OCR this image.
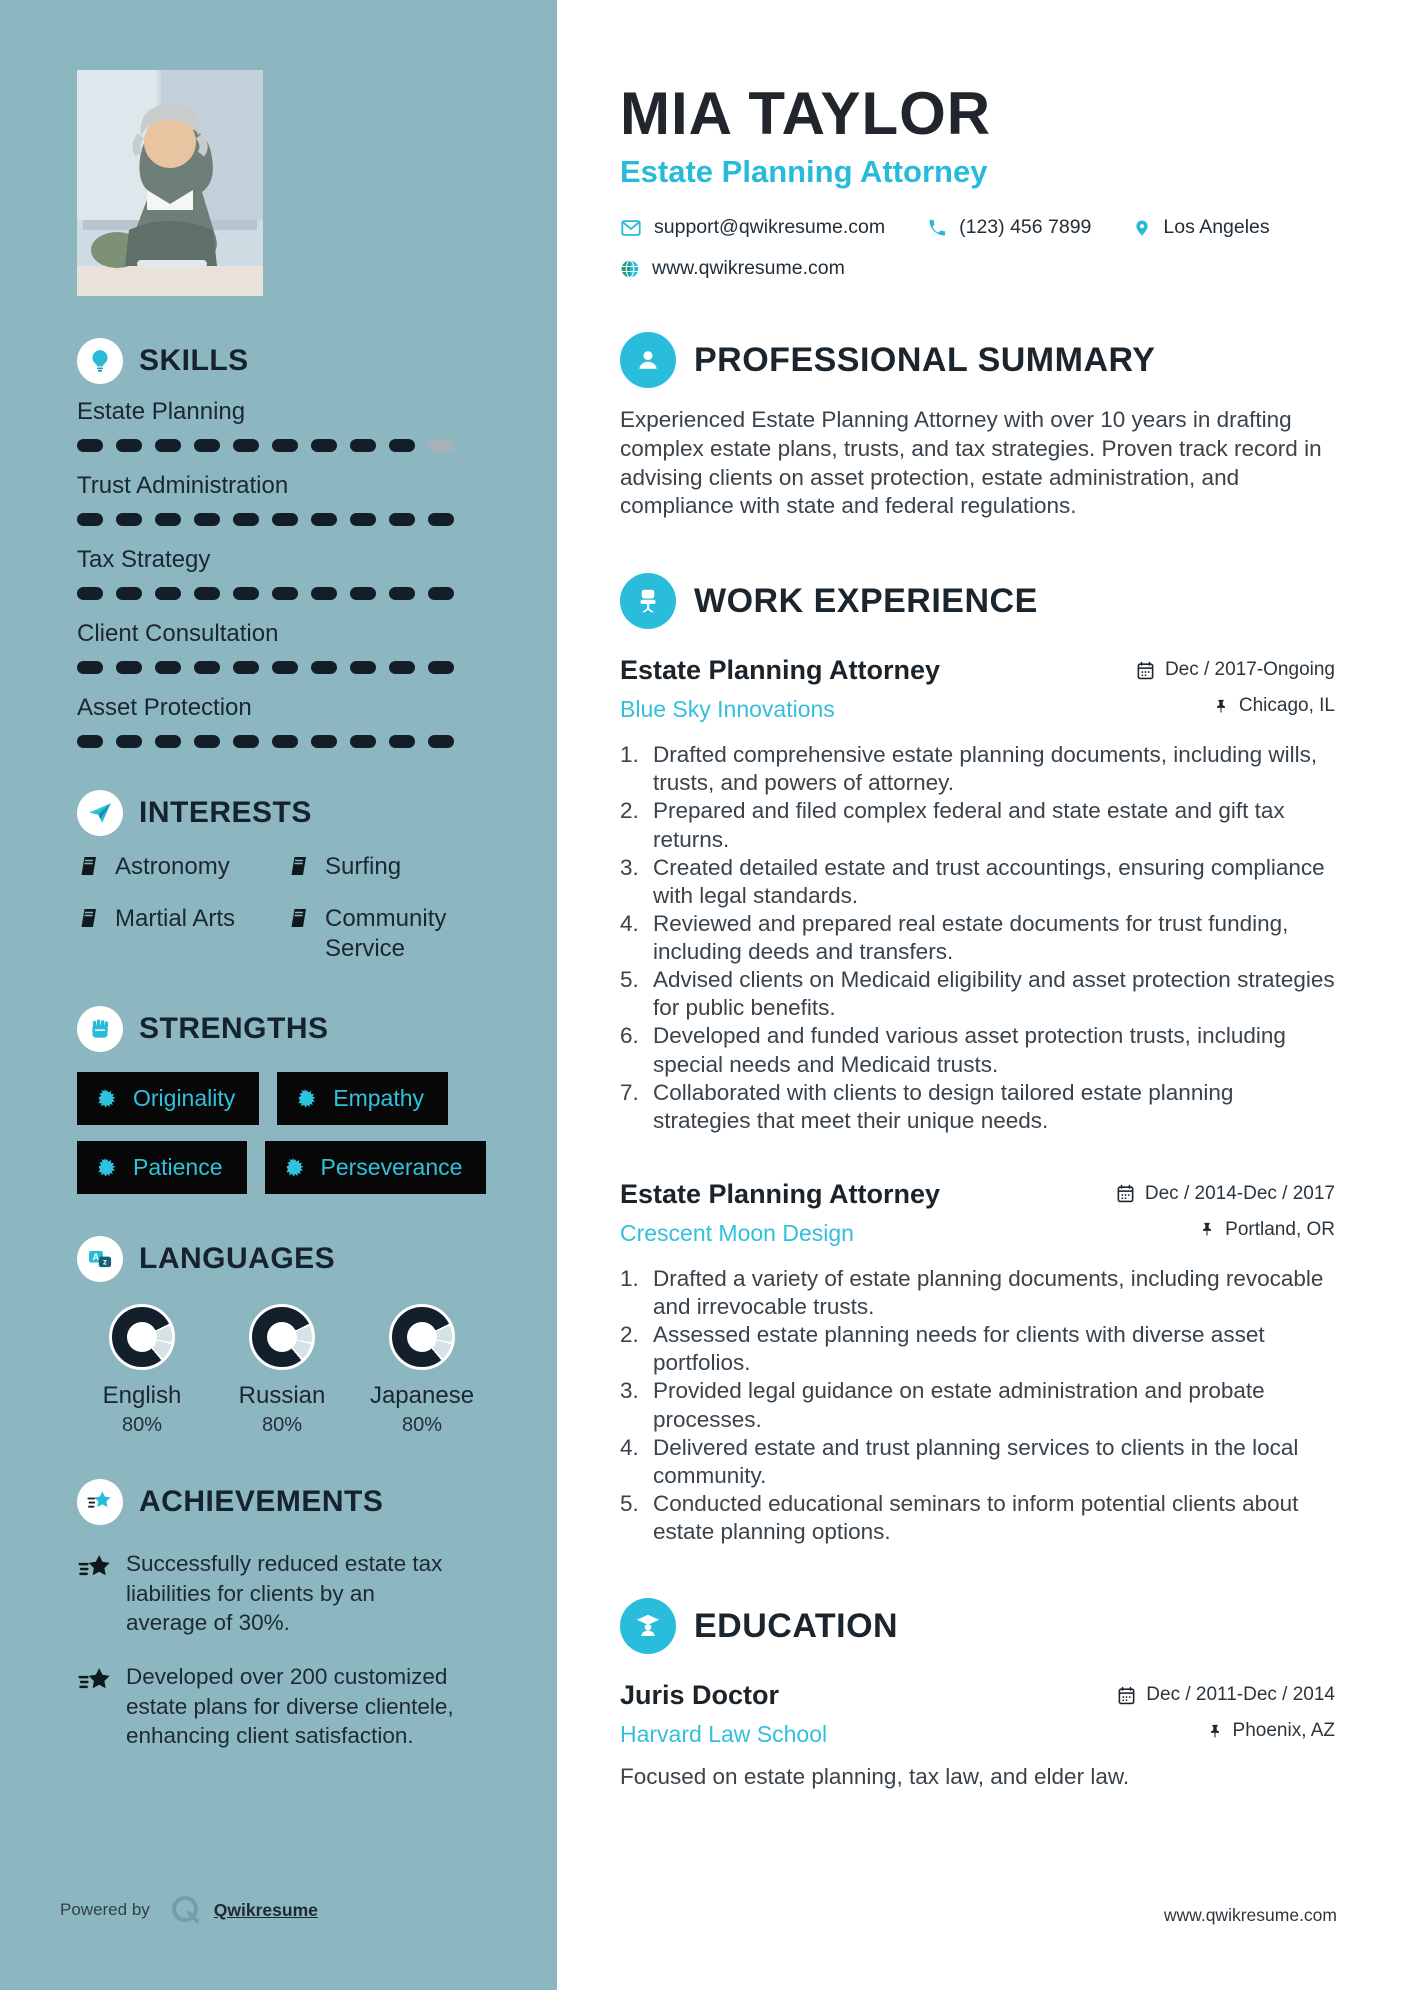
SKILLS
Estate Planning
Trust Administration
Tax Strategy
Client Consultation
Asset Protection
INTERESTS
Astronomy	Surfing
Martial Arts	Community Service
STRENGTHS
Originality	Empathy
Patience	Perseverance
A
z LANGUAGES
English
80%
Russian
80%
Japanese
80%
ACHIEVEMENTS

Successfully reduced estate tax liabilities for clients by an average of 30%.

Developed over 200 customized estate plans for diverse clientele, enhancing client satisfaction.

Powered by	Qwikresume
MIA TAYLOR
Estate Planning Attorney
support@qwikresume.com	(123) 456 7899	Los Angeles
www.qwikresume.com
PROFESSIONAL SUMMARY

Experienced Estate Planning Attorney with over 10 years in drafting complex estate plans, trusts, and tax strategies. Proven track record in advising clients on asset protection, estate administration, and compliance with state and federal regulations.

WORK EXPERIENCE
Estate Planning Attorney
Blue Sky Innovations
Dec / 2017-Ongoing
Chicago, IL
Drafted comprehensive estate planning documents, including wills, trusts, and powers of attorney.
Prepared and filed complex federal and state estate and gift tax returns.
Created detailed estate and trust accountings, ensuring compliance with legal standards.
Reviewed and prepared real estate documents for trust funding, including deeds and transfers.
Advised clients on Medicaid eligibility and asset protection strategies for public benefits.
Developed and funded various asset protection trusts, including special needs and Medicaid trusts.
Collaborated with clients to design tailored estate planning strategies that meet their unique needs.
Estate Planning Attorney
Crescent Moon Design
Dec / 2014-Dec / 2017
Portland, OR
Drafted a variety of estate planning documents, including revocable and irrevocable trusts.
Assessed estate planning needs for clients with diverse asset portfolios.
Provided legal guidance on estate administration and probate processes.
Delivered estate and trust planning services to clients in the local community.
Conducted educational seminars to inform potential clients about estate planning options.
EDUCATION
Juris Doctor
Harvard Law School
Dec / 2011-Dec / 2014
Phoenix, AZ

Focused on estate planning, tax law, and elder law.

www.qwikresume.com
